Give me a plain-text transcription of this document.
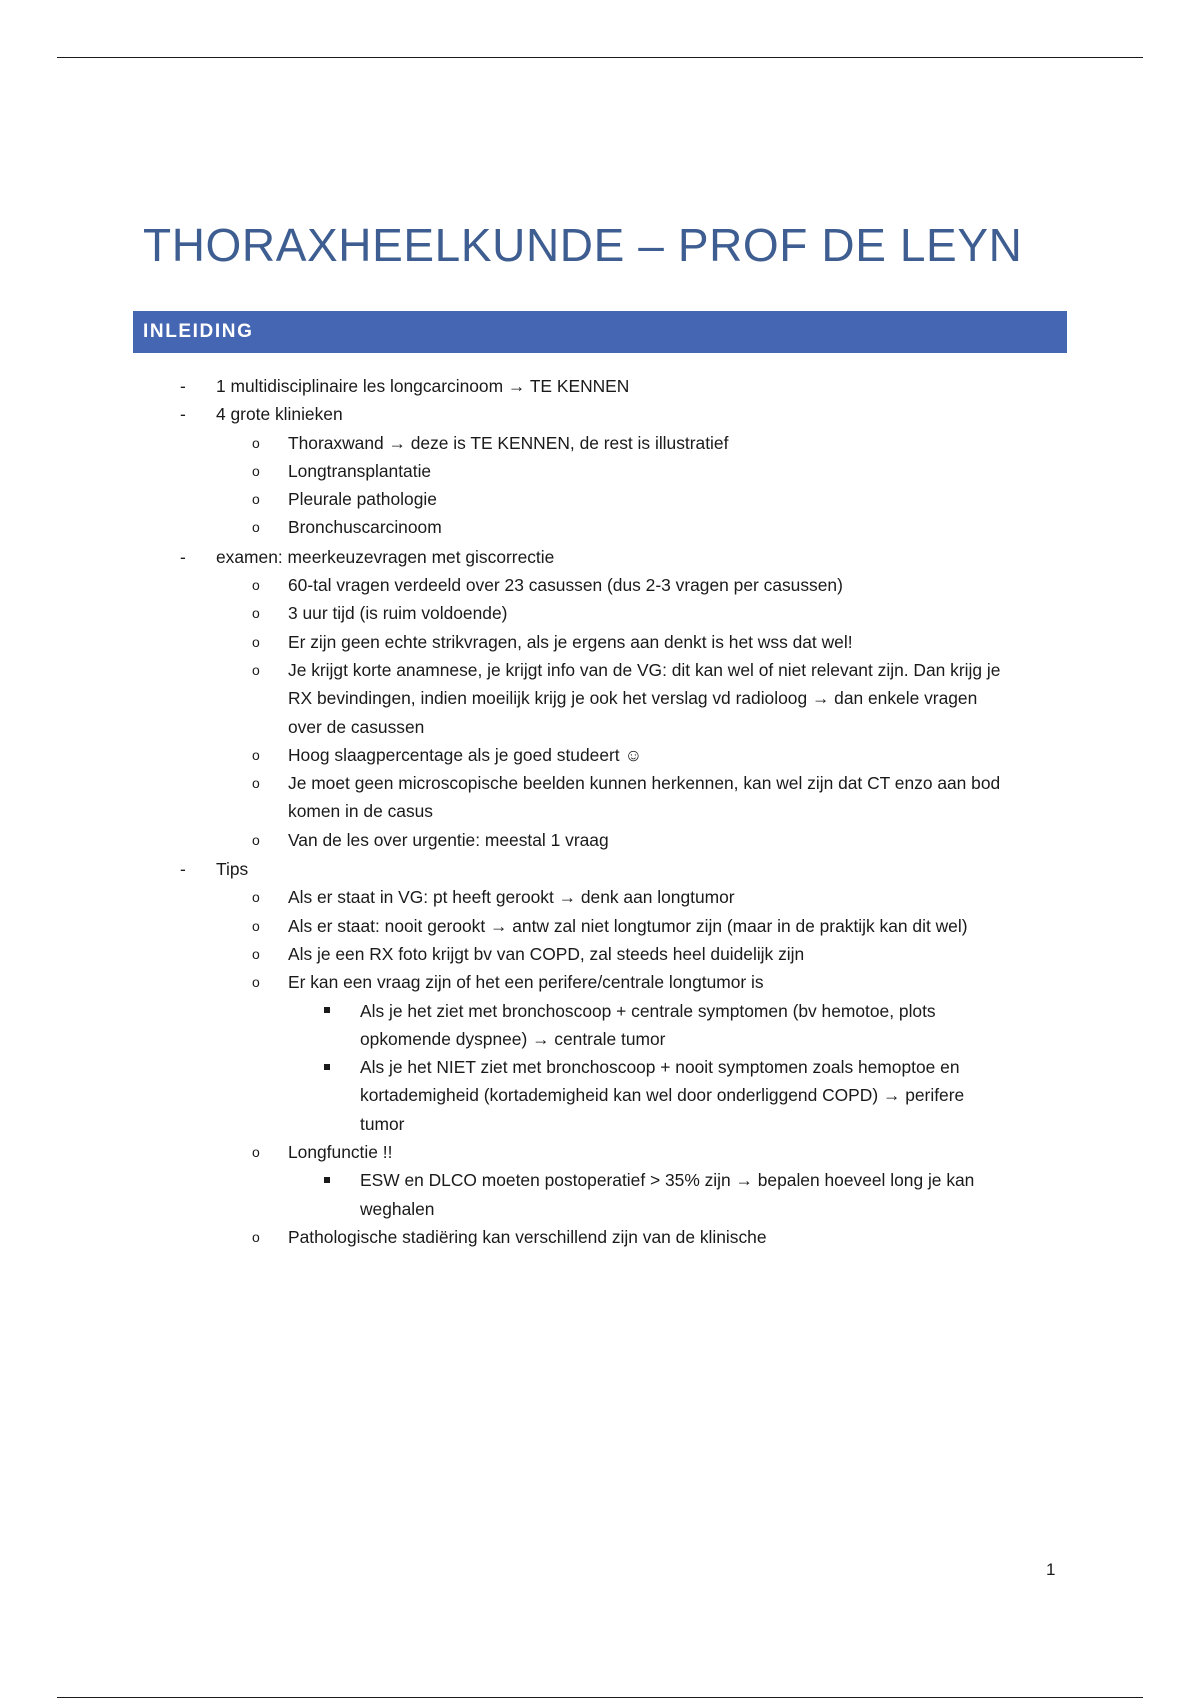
THORAXHEELKUNDE – PROF DE LEYN
INLEIDING
- 1 multidisciplinaire les longcarcinoom → TE KENNEN
- 4 grote klinieken
o Thoraxwand → deze is TE KENNEN, de rest is illustratief
o Longtransplantatie
o Pleurale pathologie
o Bronchuscarcinoom
- examen: meerkeuzevragen met giscorrectie
o 60-tal vragen verdeeld over 23 casussen (dus 2-3 vragen per casussen)
o 3 uur tijd (is ruim voldoende)
o Er zijn geen echte strikvragen, als je ergens aan denkt is het wss dat wel!
o Je krijgt korte anamnese, je krijgt info van de VG: dit kan wel of niet relevant zijn. Dan krijg je
RX bevindingen, indien moeilijk krijg je ook het verslag vd radioloog → dan enkele vragen
over de casussen
o Hoog slaagpercentage als je goed studeert ☺
o Je moet geen microscopische beelden kunnen herkennen, kan wel zijn dat CT enzo aan bod
komen in de casus
o Van de les over urgentie: meestal 1 vraag
- Tips
o Als er staat in VG: pt heeft gerookt → denk aan longtumor
o Als er staat: nooit gerookt → antw zal niet longtumor zijn (maar in de praktijk kan dit wel)
o Als je een RX foto krijgt bv van COPD, zal steeds heel duidelijk zijn
o Er kan een vraag zijn of het een perifere/centrale longtumor is
Als je het ziet met bronchoscoop + centrale symptomen (bv hemotoe, plots
opkomende dyspnee) → centrale tumor
Als je het NIET ziet met bronchoscoop + nooit symptomen zoals hemoptoe en
kortademigheid (kortademigheid kan wel door onderliggend COPD) → perifere
tumor
o Longfunctie !!
ESW en DLCO moeten postoperatief > 35% zijn → bepalen hoeveel long je kan
weghalen
o Pathologische stadiëring kan verschillend zijn van de klinische
1
